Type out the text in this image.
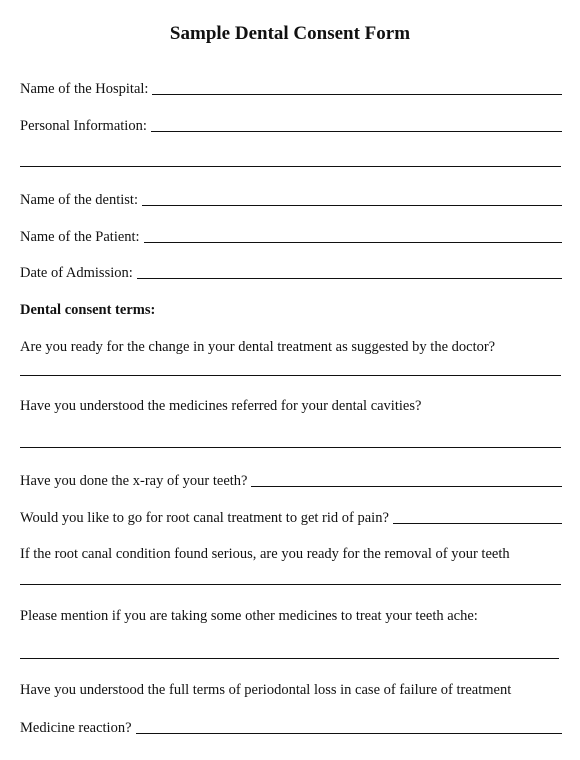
Sample Dental Consent Form
Name of the Hospital:
Personal Information:
Name of the dentist:
Name of the Patient:
Date of Admission:
Dental consent terms:
Are you ready for the change in your dental treatment as suggested by the doctor?
Have you understood the medicines referred for your dental cavities?
Have you done the x-ray of your teeth?
Would you like to go for root canal treatment to get rid of pain?
If the root canal condition found serious, are you ready for the removal of your teeth
Please mention if you are taking some other medicines to treat your teeth ache:
Have you understood the full terms of periodontal loss in case of failure of treatment
Medicine reaction?
